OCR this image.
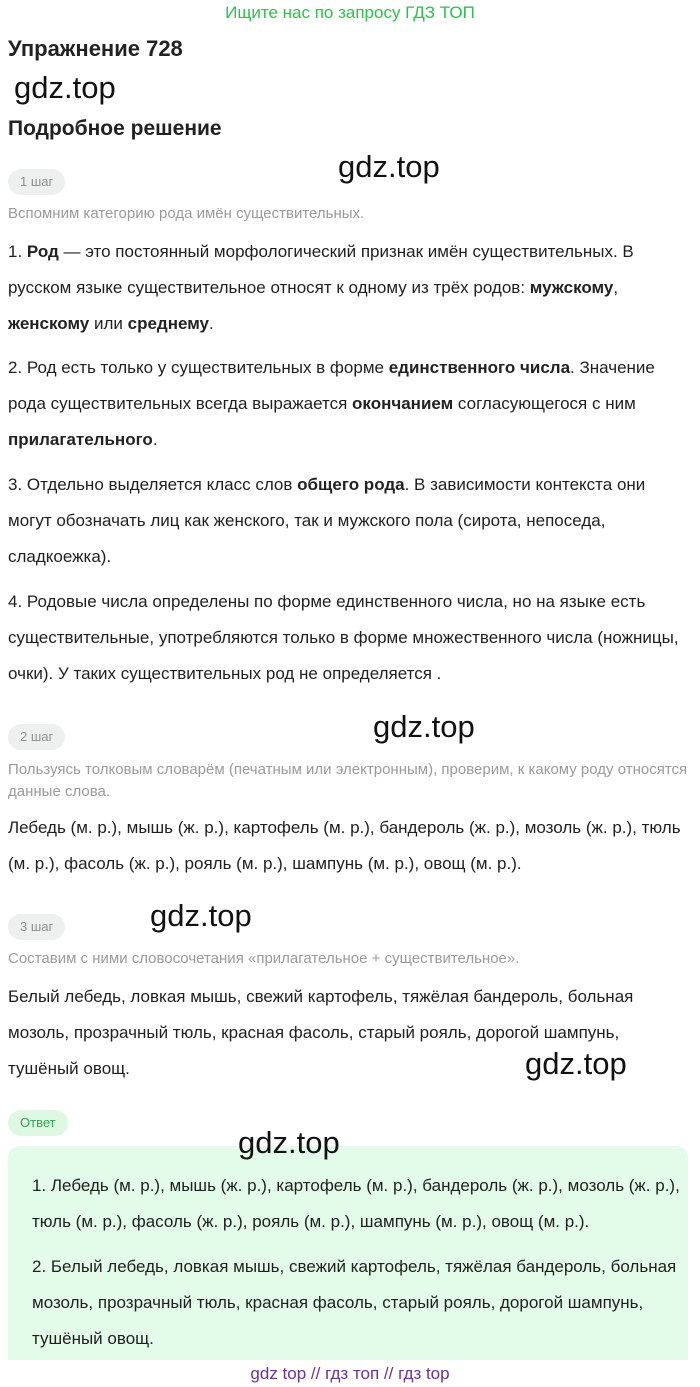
Ищите нас по запросу ГДЗ ТОП
Упражнение 728
gdz.top
Подробное решение
gdz.top
1 шаг
Вспомним категорию рода имён существительных.
1. Род — это постоянный морфологический признак имён существительных. В русском языке существительное относят к одному из трёх родов: мужскому, женскому или среднему.
2. Род есть только у существительных в форме единственного числа. Значение рода существительных всегда выражается окончанием согласующегося с ним прилагательного.
3. Отдельно выделяется класс слов общего рода. В зависимости контекста они могут обозначать лиц как женского, так и мужского пола (сирота, непоседа, сладкоежка).
4. Родовые числа определены по форме единственного числа, но на языке есть существительные, употребляются только в форме множественного числа (ножницы, очки). У таких существительных род не определяется .
gdz.top
2 шаг
Пользуясь толковым словарём (печатным или электронным), проверим, к какому роду относятся данные слова.
Лебедь (м. р.), мышь (ж. р.), картофель (м. р.), бандероль (ж. р.), мозоль (ж. р.), тюль (м. р.), фасоль (ж. р.), рояль (м. р.), шампунь (м. р.), овощ (м. р.).
gdz.top
3 шаг
Составим с ними словосочетания «прилагательное + существительное».
Белый лебедь, ловкая мышь, свежий картофель, тяжёлая бандероль, больная мозоль, прозрачный тюль, красная фасоль, старый рояль, дорогой шампунь, тушёный овощ.	gdz.top
Ответ
1. Лебедь (м. р.), мышь (ж. р.), картофель (м. р.), бандероль (ж. р.), мозоль (ж. р.), тюль (м. р.), фасоль (ж. р.), рояль (м. р.), шампунь (м. р.), овощ (м. р.).
2. Белый лебедь, ловкая мышь, свежий картофель, тяжёлая бандероль, больная мозоль, прозрачный тюль, красная фасоль, старый рояль, дорогой шампунь, тушёный овощ.
gdz.top
gdz top // гдз топ // гдз top
